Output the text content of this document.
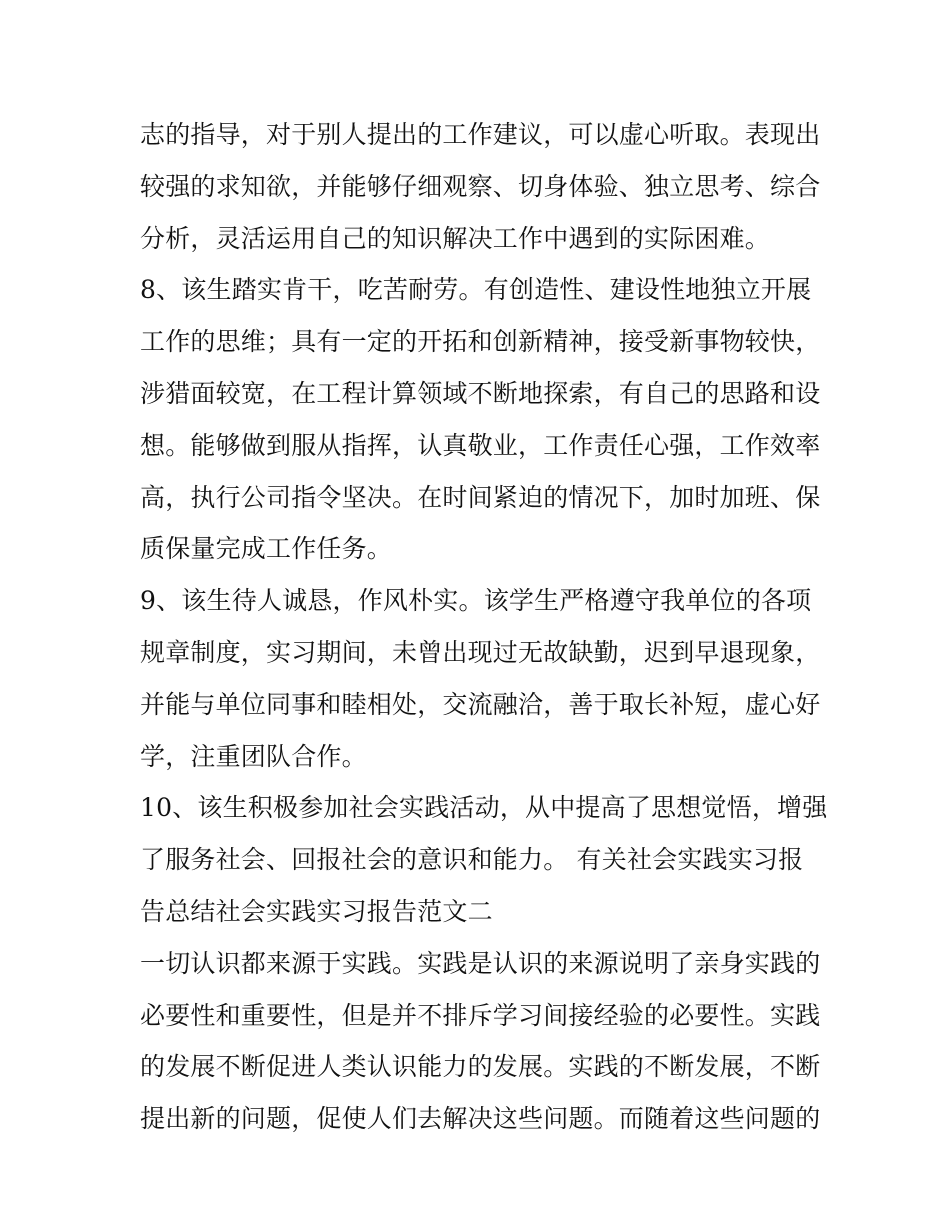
志的指导，对于别人提出的工作建议，可以虚心听取。表现出
较强的求知欲，并能够仔细观察、切身体验、独立思考、综合
分析，灵活运用自己的知识解决工作中遇到的实际困难。
8、该生踏实肯干，吃苦耐劳。有创造性、建设性地独立开展
工作的思维；具有一定的开拓和创新精神，接受新事物较快，
涉猎面较宽，在工程计算领域不断地探索，有自己的思路和设
想。能够做到服从指挥，认真敬业，工作责任心强，工作效率
高，执行公司指令坚决。在时间紧迫的情况下，加时加班、保
质保量完成工作任务。
9、该生待人诚恳，作风朴实。该学生严格遵守我单位的各项
规章制度，实习期间，未曾出现过无故缺勤，迟到早退现象，
并能与单位同事和睦相处，交流融洽，善于取长补短，虚心好
学，注重团队合作。
10、该生积极参加社会实践活动，从中提高了思想觉悟，增强
了服务社会、回报社会的意识和能力。 有关社会实践实习报
告总结社会实践实习报告范文二
一切认识都来源于实践。实践是认识的来源说明了亲身实践的
必要性和重要性，但是并不排斥学习间接经验的必要性。实践
的发展不断促进人类认识能力的发展。实践的不断发展，不断
提出新的问题，促使人们去解决这些问题。而随着这些问题的
